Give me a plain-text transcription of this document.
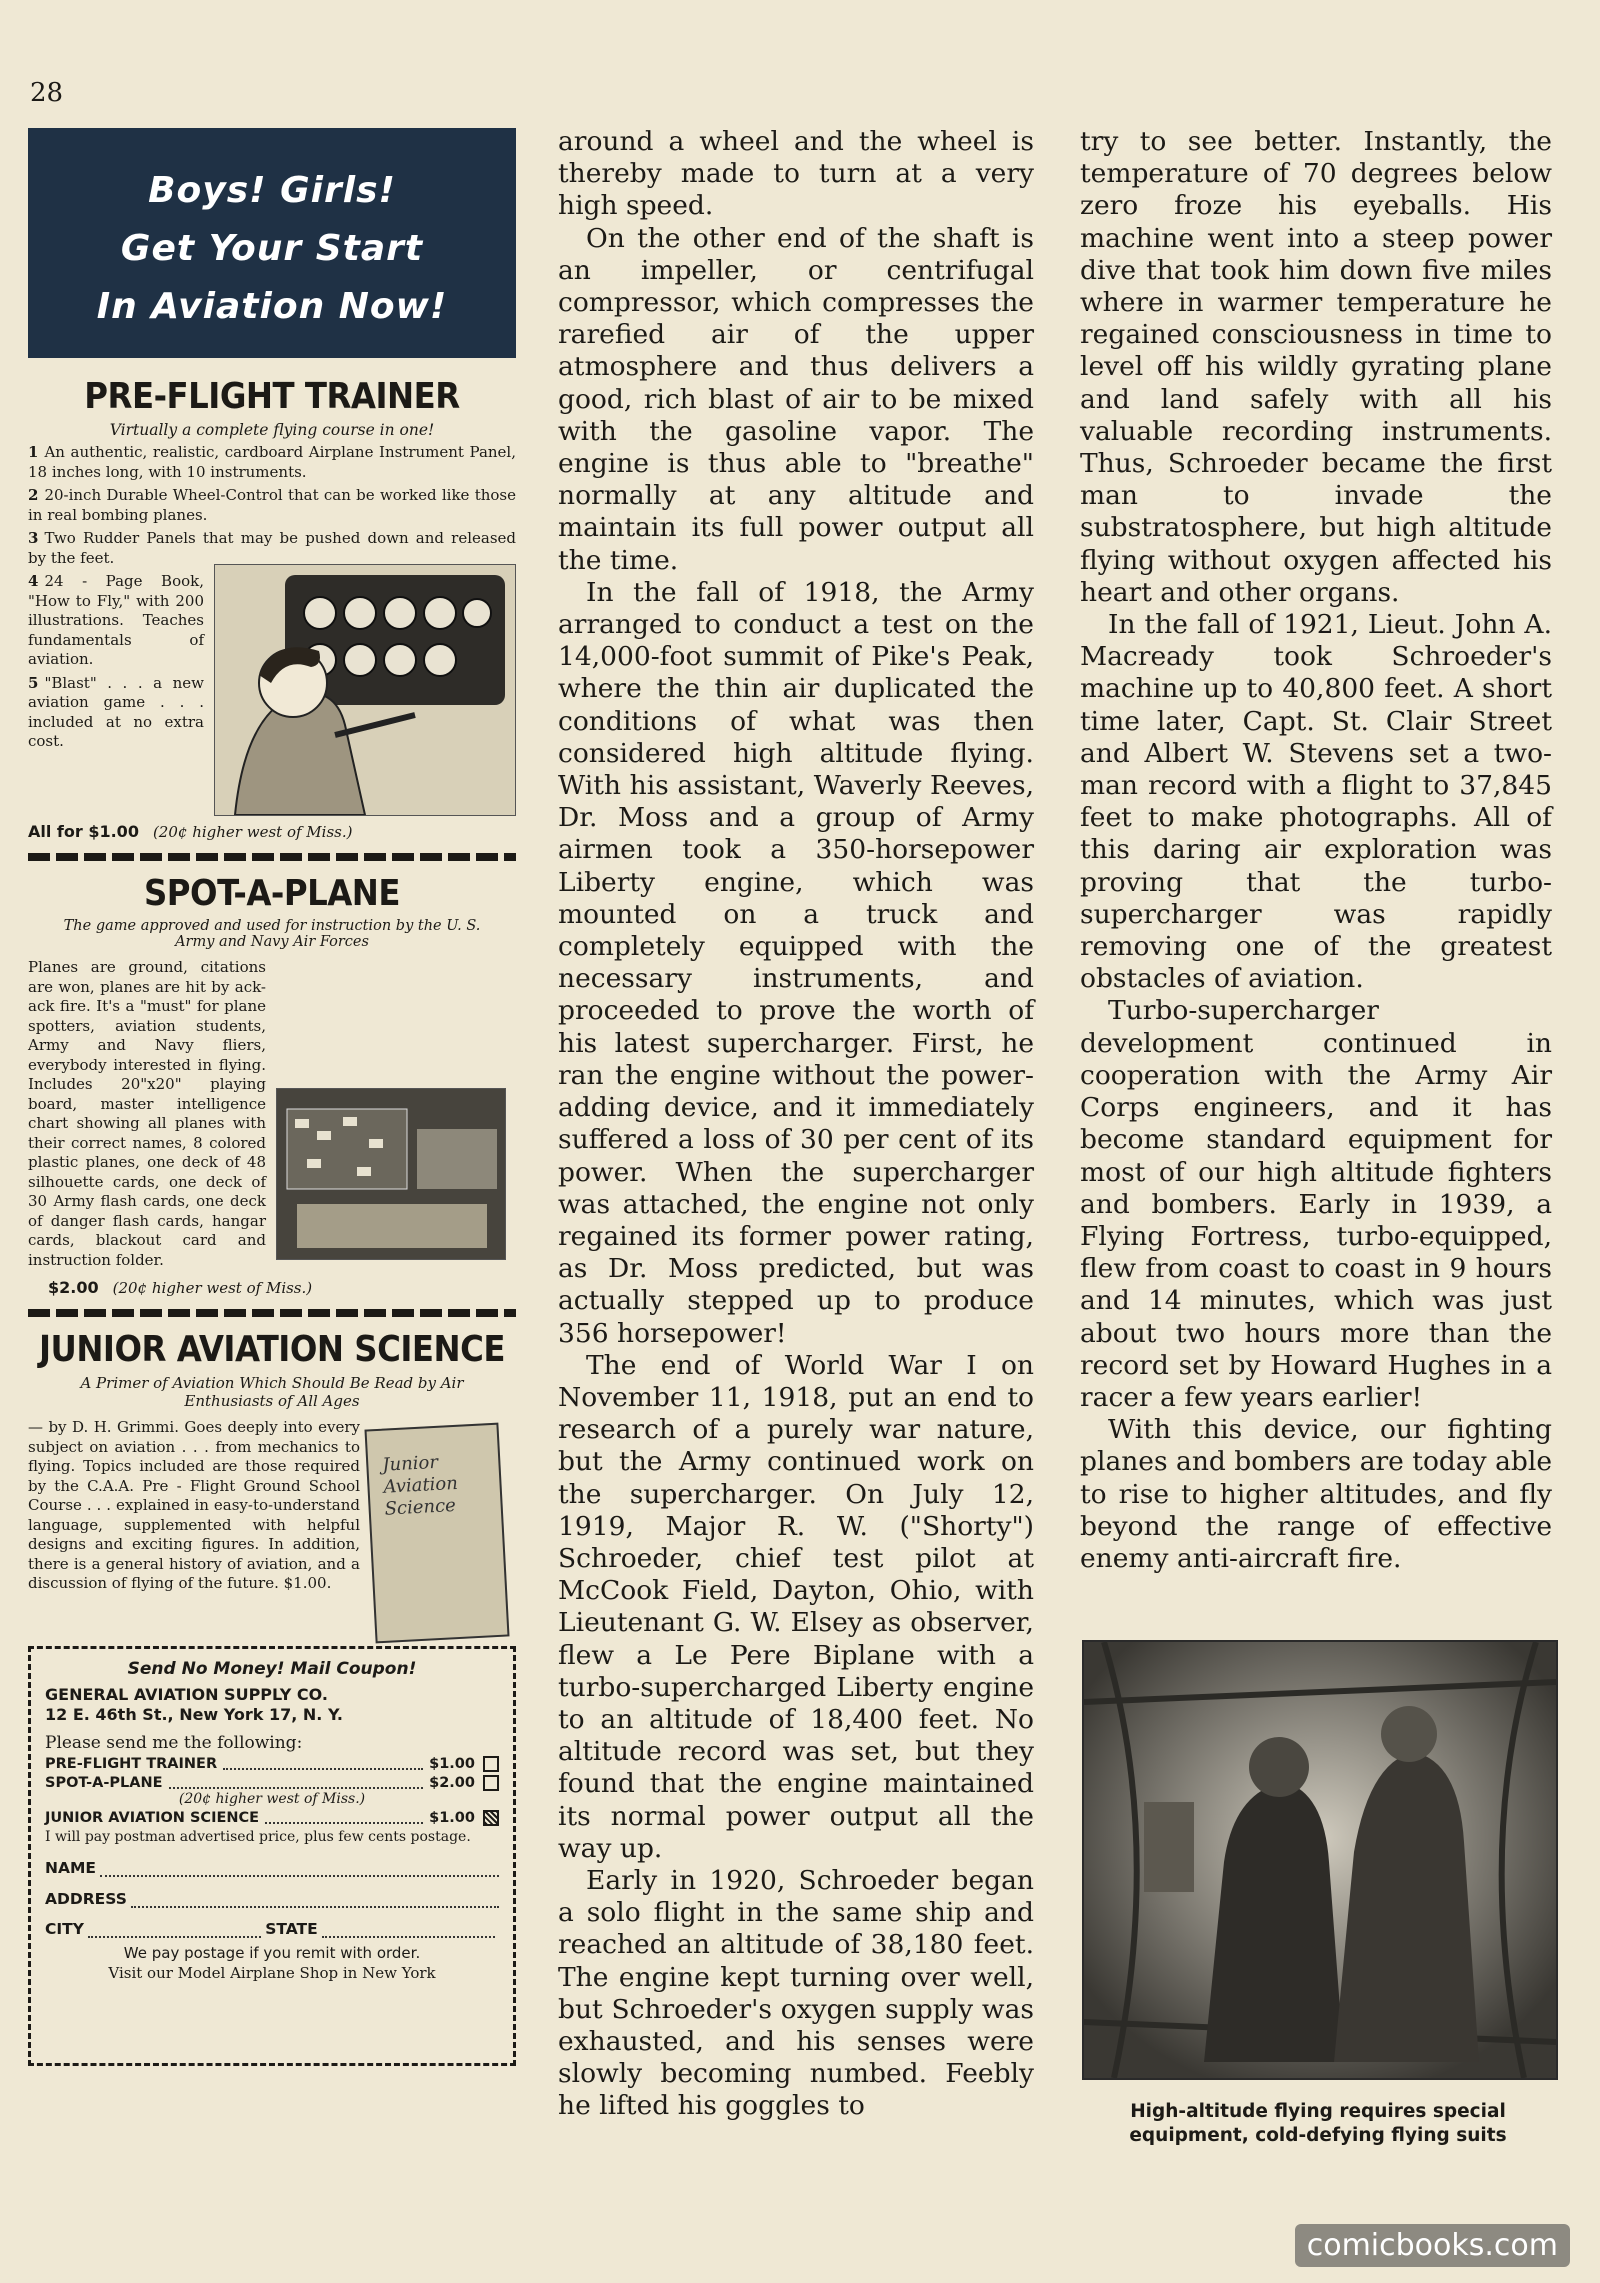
28
Boys! Girls!
Get Your Start
In Aviation Now!
PRE-FLIGHT TRAINER
Virtually a complete flying course in one!

1 An authentic, realistic, cardboard Airplane Instrument Panel, 18 inches long, with 10 instruments.

2 20-inch Durable Wheel-Control that can be worked like those in real bombing planes.

3 Two Rudder Panels that may be pushed down and released by the feet.

4 24 - Page Book, "How to Fly," with 200 illustrations. Teaches fundamentals of aviation.

5 "Blast" . . . a new aviation game . . . included at no extra cost.

All for $1.00 (20¢ higher west of Miss.)
SPOT-A-PLANE
The game approved and used for instruction by the U. S. Army and Navy Air Forces
Planes are ground, citations are won, planes are hit by ack-ack fire. It's a "must" for plane spotters, aviation students, Army and Navy fliers, everybody interested in flying. Includes 20"x20" playing board, master intelligence chart showing all planes with their correct names, 8 colored plastic planes, one deck of 48 silhouette cards, one deck of 30 Army flash cards, one deck of danger flash cards, hangar cards, blackout card and instruction folder.
$2.00 (20¢ higher west of Miss.)
JUNIOR AVIATION SCIENCE
A Primer of Aviation Which Should Be Read by Air Enthusiasts of All Ages
Junior Aviation Science
— by D. H. Grimmi. Goes deeply into every subject on aviation . . . from mechanics to flying. Topics included are those required by the C.A.A. Pre - Flight Ground School Course . . . explained in easy-to-understand language, supplemented with helpful designs and exciting figures. In addition, there is a general history of aviation, and a discussion of flying of the future. $1.00.
Send No Money! Mail Coupon!
GENERAL AVIATION SUPPLY CO.
12 E. 46th St., New York 17, N. Y.
Please send me the following:
PRE-FLIGHT TRAINER	$1.00
SPOT-A-PLANE	$2.00
(20¢ higher west of Miss.)
JUNIOR AVIATION SCIENCE	$1.00
I will pay postman advertised price, plus few cents postage.
NAME
ADDRESS
CITY	STATE
We pay postage if you remit with order.
Visit our Model Airplane Shop in New York

around a wheel and the wheel is thereby made to turn at a very high speed.

On the other end of the shaft is an impeller, or centrifugal compressor, which compresses the rarefied air of the upper atmosphere and thus delivers a good, rich blast of air to be mixed with the gasoline vapor. The engine is thus able to "breathe" normally at any altitude and maintain its full power output all the time.

In the fall of 1918, the Army arranged to conduct a test on the 14,000-foot summit of Pike's Peak, where the thin air duplicated the conditions of what was then considered high altitude flying. With his assistant, Waverly Reeves, Dr. Moss and a group of Army airmen took a 350-horsepower Liberty engine, which was mounted on a truck and completely equipped with the necessary instruments, and proceeded to prove the worth of his latest supercharger. First, he ran the engine without the power-adding device, and it immediately suffered a loss of 30 per cent of its power. When the supercharger was attached, the engine not only regained its former power rating, as Dr. Moss predicted, but was actually stepped up to produce 356 horsepower!

The end of World War I on November 11, 1918, put an end to research of a purely war nature, but the Army continued work on the supercharger. On July 12, 1919, Major R. W. ("Shorty") Schroeder, chief test pilot at McCook Field, Dayton, Ohio, with Lieutenant G. W. Elsey as observer, flew a Le Pere Biplane with a turbo-supercharged Liberty engine to an altitude of 18,400 feet. No altitude record was set, but they found that the engine maintained its normal power output all the way up.

Early in 1920, Schroeder began a solo flight in the same ship and reached an altitude of 38,180 feet. The engine kept turning over well, but Schroeder's oxygen supply was exhausted, and his senses were slowly becoming numbed. Feebly he lifted his goggles to

try to see better. Instantly, the temperature of 70 degrees below zero froze his eyeballs. His machine went into a steep power dive that took him down five miles where in warmer temperature he regained consciousness in time to level off his wildly gyrating plane and land safely with all his valuable recording instruments. Thus, Schroeder became the first man to invade the substratosphere, but high altitude flying without oxygen affected his heart and other organs.

In the fall of 1921, Lieut. John A. Macready took Schroeder's machine up to 40,800 feet. A short time later, Capt. St. Clair Street and Albert W. Stevens set a two-man record with a flight to 37,845 feet to make photographs. All of this daring air exploration was proving that the turbo-supercharger was rapidly removing one of the greatest obstacles of aviation.

Turbo-supercharger development continued in cooperation with the Army Air Corps engineers, and it has become standard equipment for most of our high altitude fighters and bombers. Early in 1939, a Flying Fortress, turbo-equipped, flew from coast to coast in 9 hours and 14 minutes, which was just about two hours more than the record set by Howard Hughes in a racer a few years earlier!

With this device, our fighting planes and bombers are today able to rise to higher altitudes, and fly beyond the range of effective enemy anti-aircraft fire.

High-altitude flying requires special equipment, cold-defying flying suits
comicbooks.com
